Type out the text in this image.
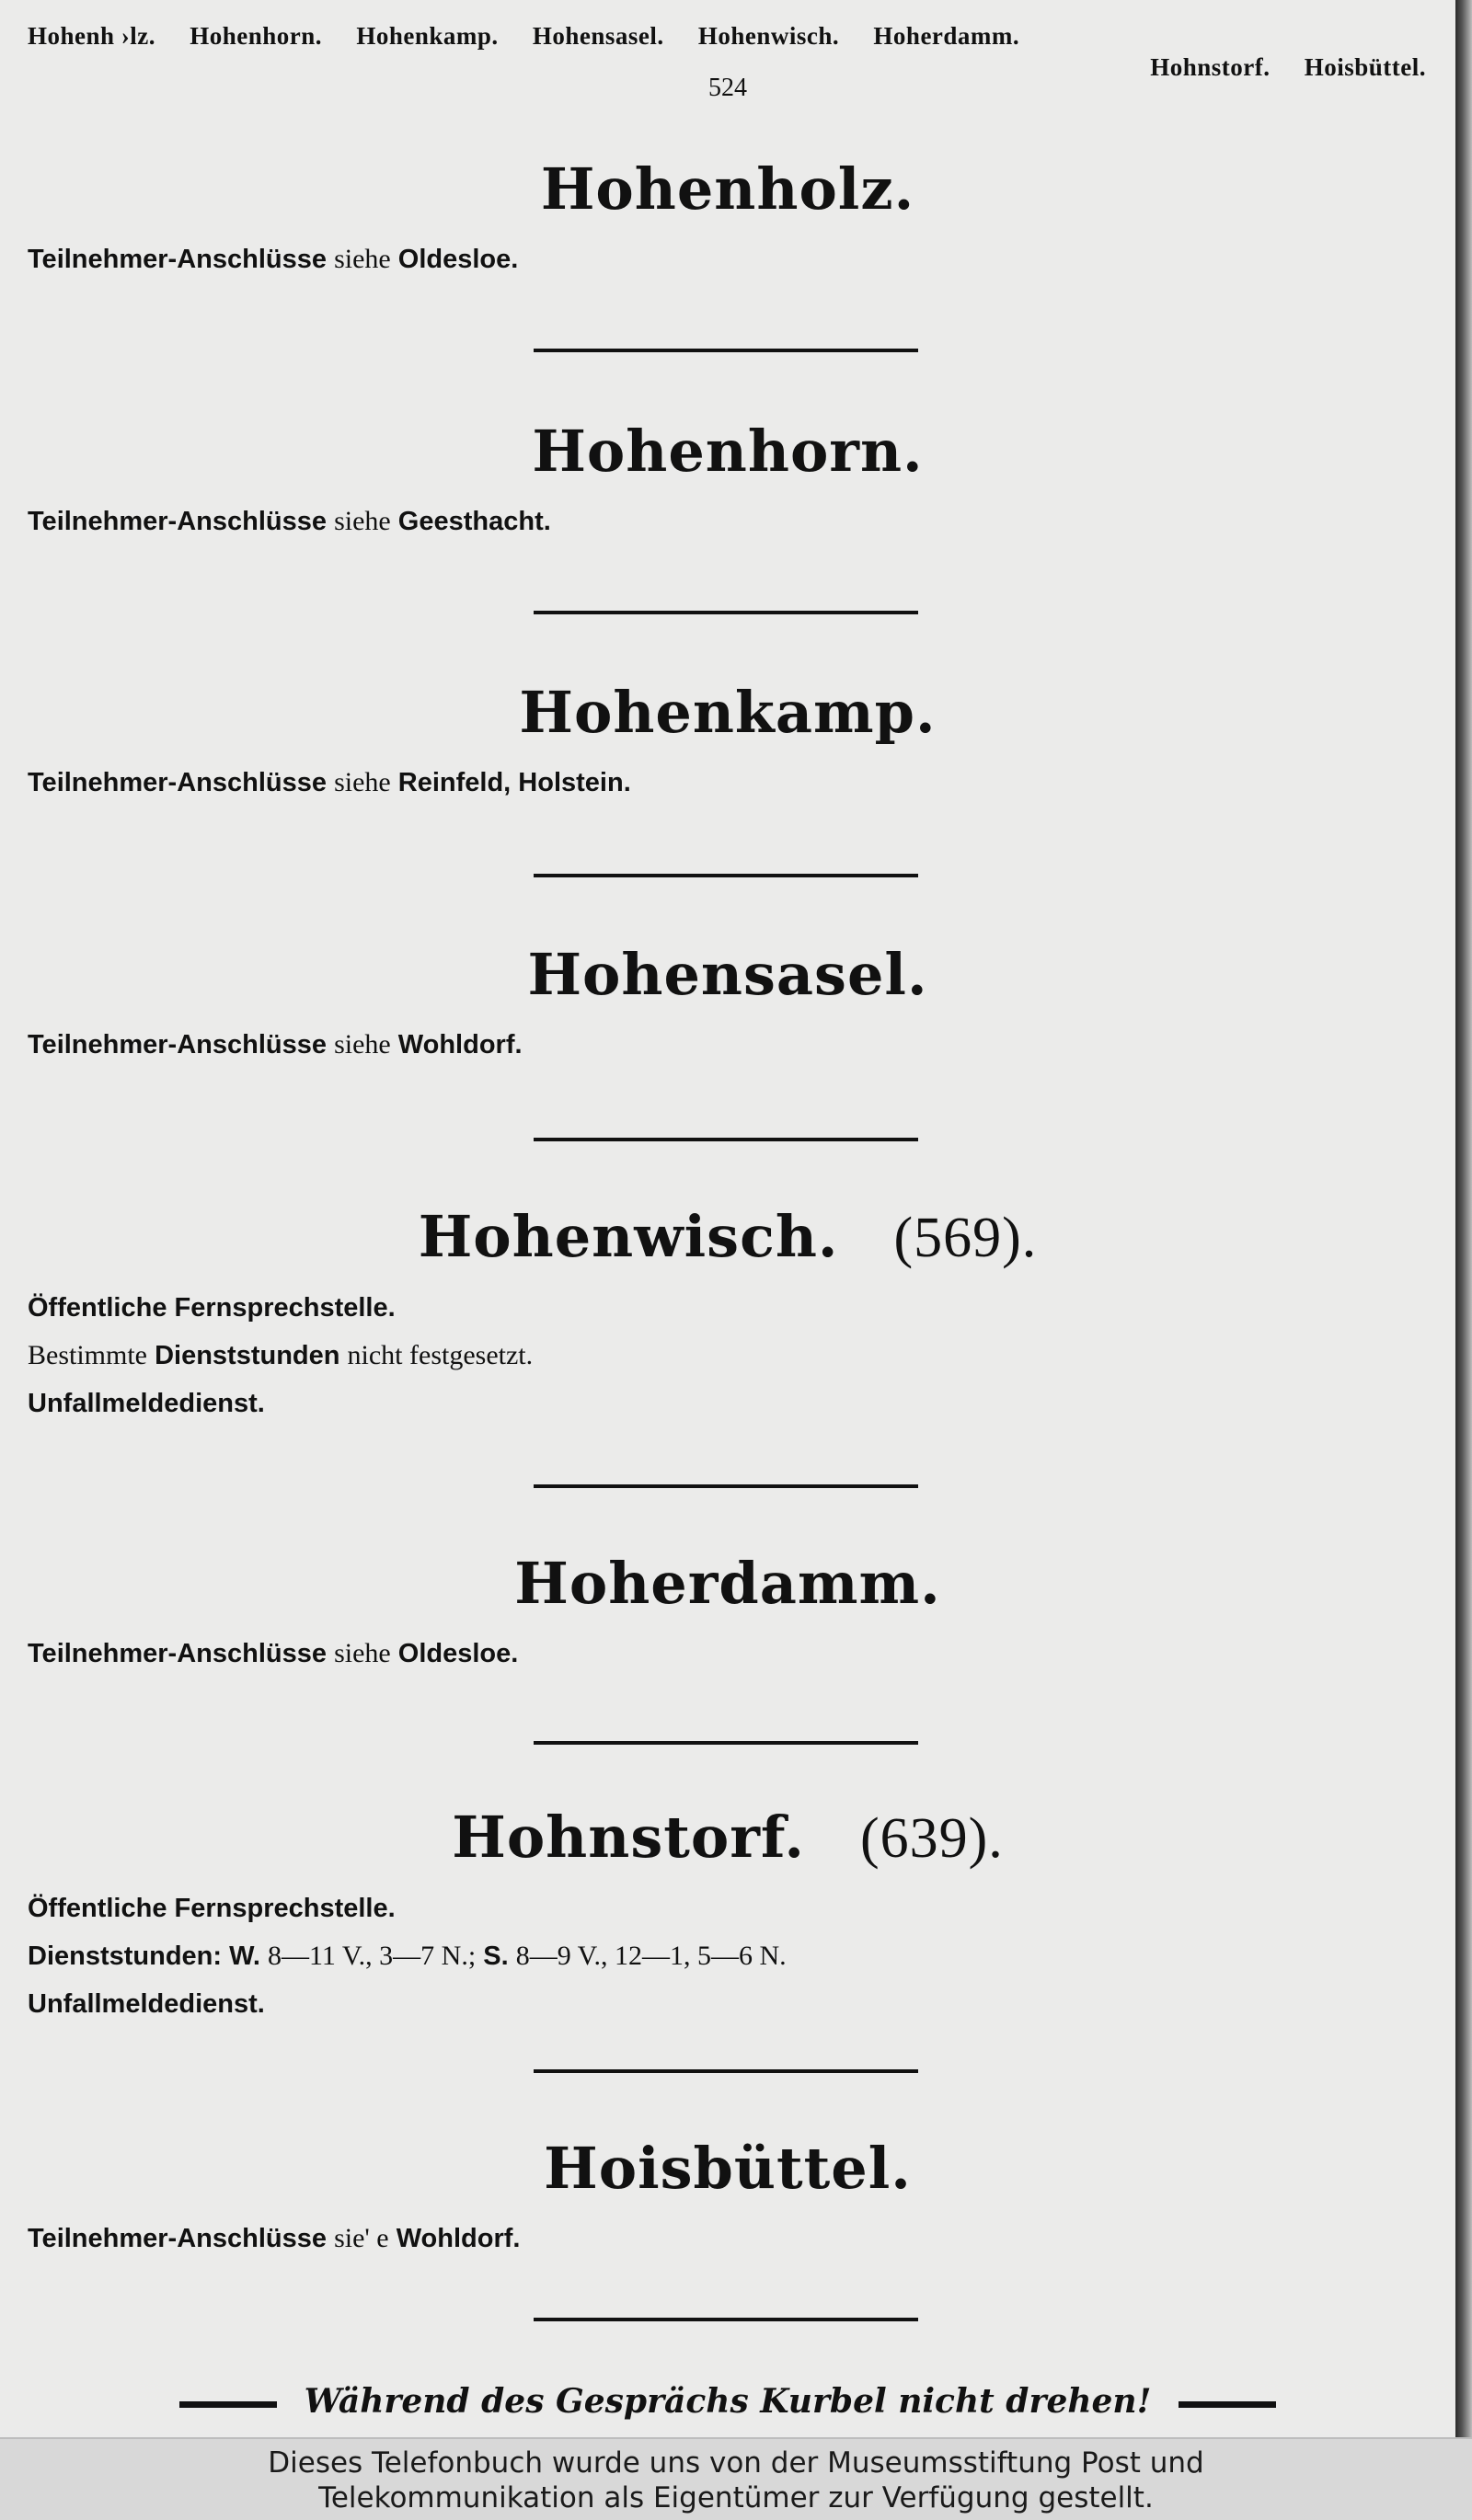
Hohenh ›lz. Hohenhorn. Hohenkamp. Hohensasel. Hohenwisch. Hoherdamm.
Hohnstorf. Hoisbüttel.
524
Hohenholz.
Teilnehmer-Anschlüsse siehe Oldesloe.
Hohenhorn.
Teilnehmer-Anschlüsse siehe Geesthacht.
Hohenkamp.
Teilnehmer-Anschlüsse siehe Reinfeld, Holstein.
Hohensasel.
Teilnehmer-Anschlüsse siehe Wohldorf.
Hohenwisch. (569).
Öffentliche Fernsprechstelle.
Bestimmte Dienststunden nicht festgesetzt.
Unfallmeldedienst.
Hoherdamm.
Teilnehmer-Anschlüsse siehe Oldesloe.
Hohnstorf. (639).
Öffentliche Fernsprechstelle.
Dienststunden: W. 8—11 V., 3—7 N.; S. 8—9 V., 12—1, 5—6 N.
Unfallmeldedienst.
Hoisbüttel.
Teilnehmer-Anschlüsse sie' e Wohldorf.
Während des Gesprächs Kurbel nicht drehen!
Dieses Telefonbuch wurde uns von der Museumsstiftung Post und
Telekommunikation als Eigentümer zur Verfügung gestellt.
